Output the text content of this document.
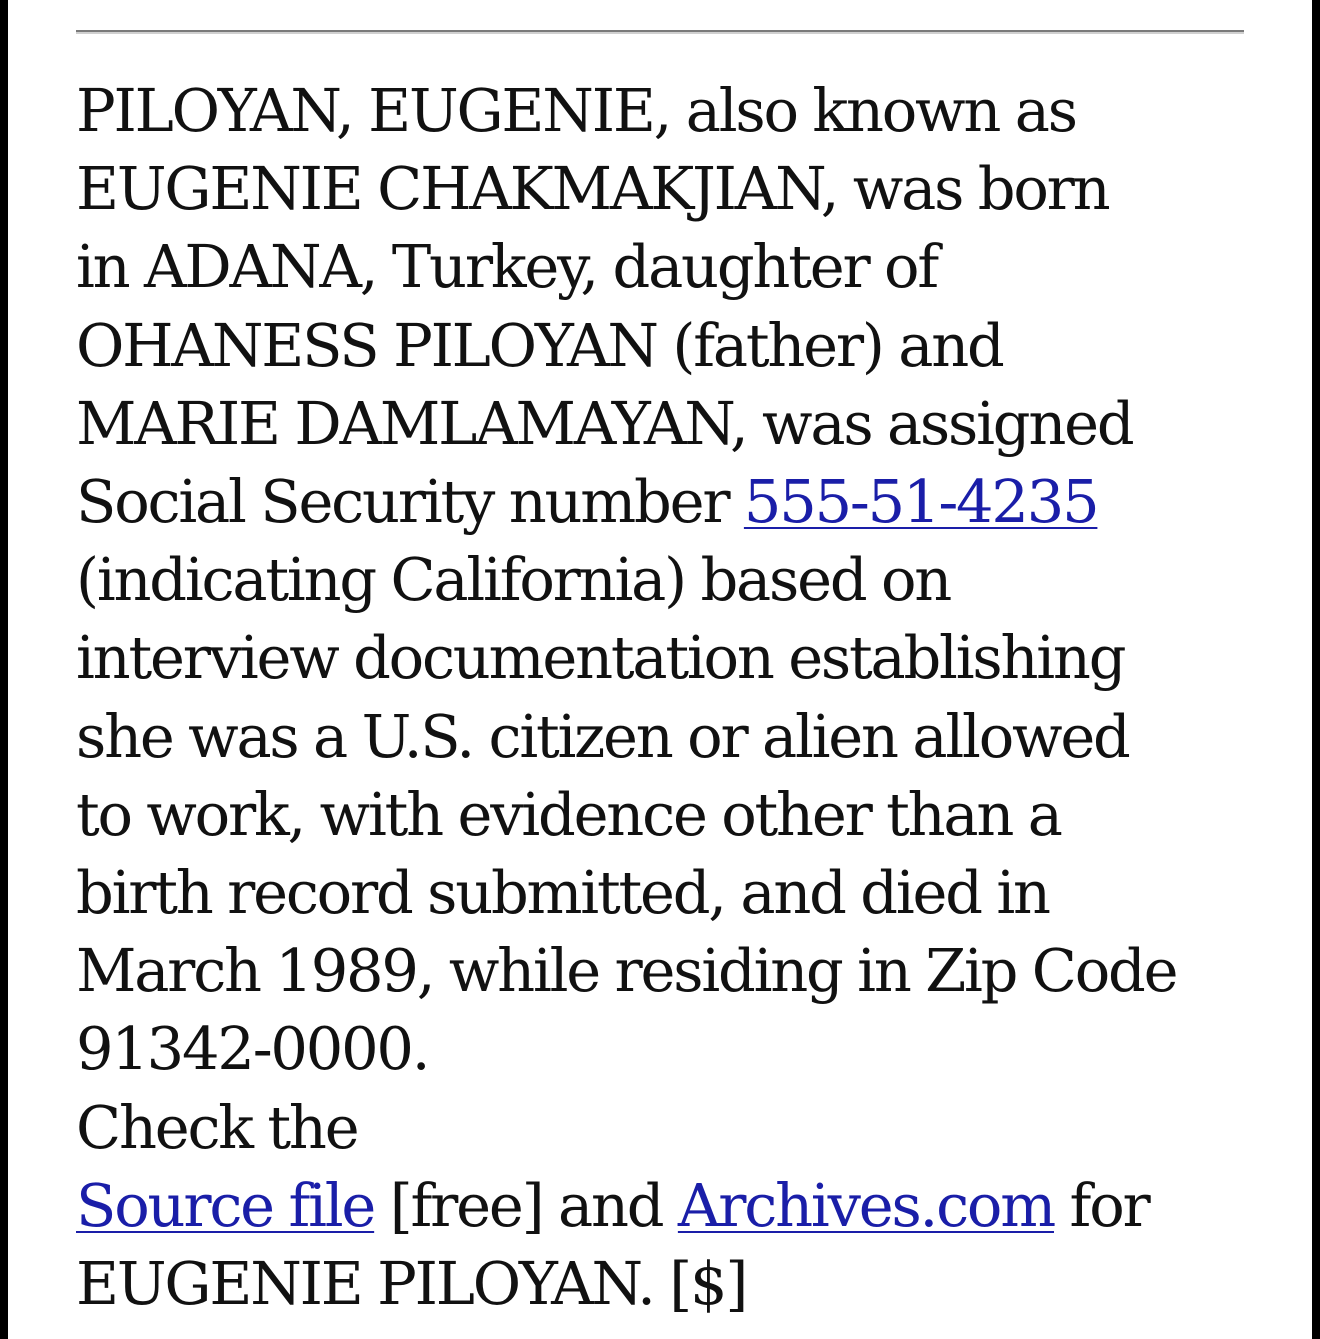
PILOYAN, EUGENIE, also known as
EUGENIE CHAKMAKJIAN, was born
in ADANA, Turkey, daughter of
OHANESS PILOYAN (father) and
MARIE DAMLAMAYAN, was assigned
Social Security number 555-51-4235
(indicating California) based on
interview documentation establishing
she was a U.S. citizen or alien allowed
to work, with evidence other than a
birth record submitted, and died in
March 1989, while residing in Zip Code
91342-0000.

Check the
Source file [free] and Archives.com for
EUGENIE PILOYAN. [$]
